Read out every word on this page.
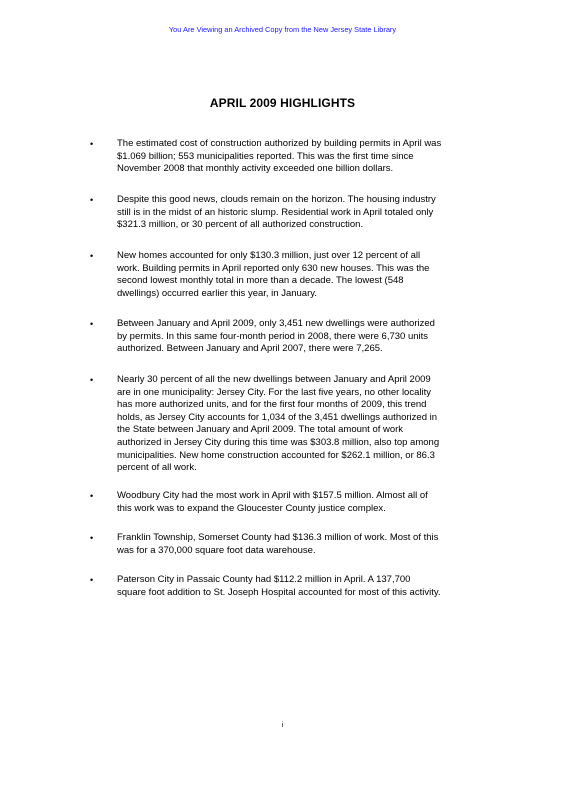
You Are Viewing an Archived Copy from the New Jersey State Library
APRIL 2009 HIGHLIGHTS
•	The estimated cost of construction authorized by building permits in April was
$1.069 billion; 553 municipalities reported. This was the first time since
November 2008 that monthly activity exceeded one billion dollars.
•	Despite this good news, clouds remain on the horizon. The housing industry
still is in the midst of an historic slump. Residential work in April totaled only
$321.3 million, or 30 percent of all authorized construction.
•	New homes accounted for only $130.3 million, just over 12 percent of all
work. Building permits in April reported only 630 new houses. This was the
second lowest monthly total in more than a decade. The lowest (548
dwellings) occurred earlier this year, in January.
•	Between January and April 2009, only 3,451 new dwellings were authorized
by permits. In this same four-month period in 2008, there were 6,730 units
authorized. Between January and April 2007, there were 7,265.
•	Nearly 30 percent of all the new dwellings between January and April 2009
are in one municipality: Jersey City. For the last five years, no other locality
has more authorized units, and for the first four months of 2009, this trend
holds, as Jersey City accounts for 1,034 of the 3,451 dwellings authorized in
the State between January and April 2009. The total amount of work
authorized in Jersey City during this time was $303.8 million, also top among
municipalities. New home construction accounted for $262.1 million, or 86.3
percent of all work.
•	Woodbury City had the most work in April with $157.5 million. Almost all of
this work was to expand the Gloucester County justice complex.
•	Franklin Township, Somerset County had $136.3 million of work. Most of this
was for a 370,000 square foot data warehouse.
•	Paterson City in Passaic County had $112.2 million in April. A 137,700
square foot addition to St. Joseph Hospital accounted for most of this activity.
i
